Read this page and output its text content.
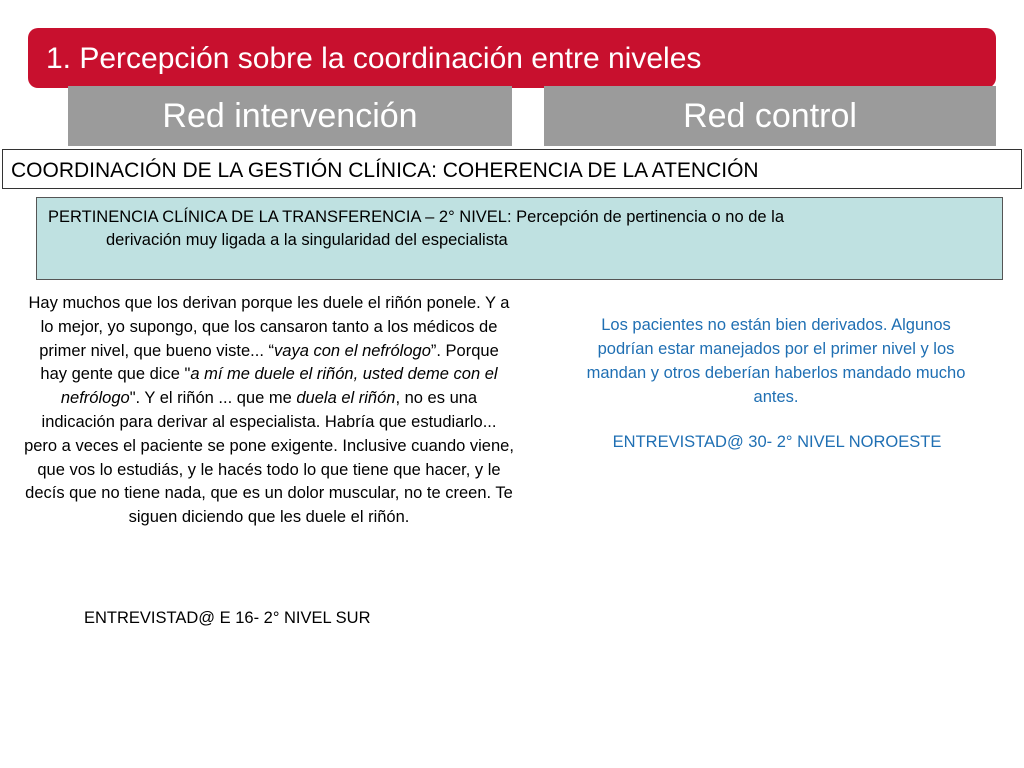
1. Percepción sobre la coordinación entre niveles
Red intervención	Red control
COORDINACIÓN DE LA GESTIÓN CLÍNICA: COHERENCIA DE LA ATENCIÓN
PERTINENCIA CLÍNICA DE LA TRANSFERENCIA – 2° NIVEL: Percepción de pertinencia o no de la
derivación muy ligada a la singularidad del especialista

Hay muchos que los derivan porque les duele el riñón ponele. Y a lo mejor, yo supongo, que los cansaron tanto a los médicos de primer nivel, que bueno viste... “vaya con el nefrólogo”. Porque hay gente que dice "a mí me duele el riñón, usted deme con el nefrólogo". Y el riñón ... que me duela el riñón, no es una indicación para derivar al especialista. Habría que estudiarlo... pero a veces el paciente se pone exigente. Inclusive cuando viene, que vos lo estudiás, y le hacés todo lo que tiene que hacer, y le decís que no tiene nada, que es un dolor muscular, no te creen. Te siguen diciendo que les duele el riñón.

ENTREVISTAD@ E 16- 2° NIVEL SUR
Los pacientes no están bien derivados. Algunos podrían estar manejados por el primer nivel y los mandan y otros deberían haberlos mandado mucho antes.
ENTREVISTAD@ 30- 2° NIVEL NOROESTE
